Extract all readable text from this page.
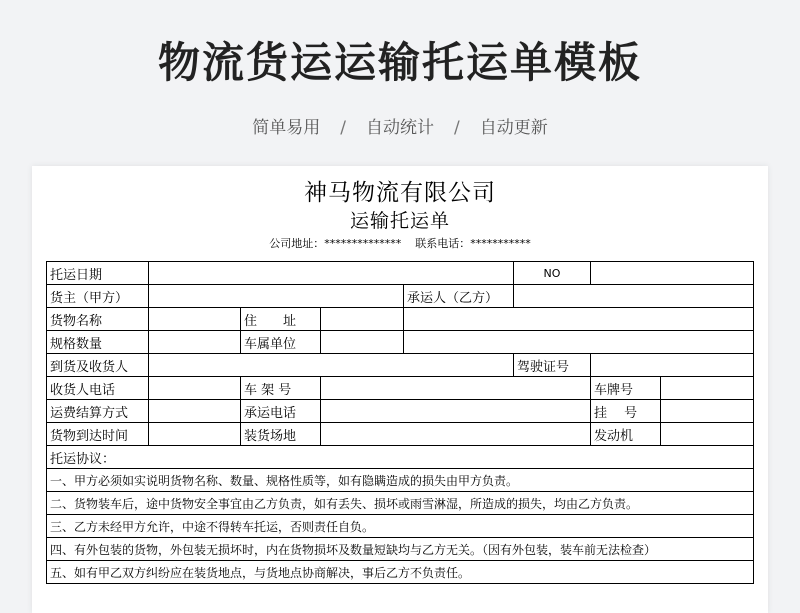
物流货运运输托运单模板
简单易用 / 自动统计 / 自动更新
神马物流有限公司
运输托运单
公司地址：************** 联系电话：***********
托运日期					NO		
货主（甲方）				承运人（乙方）			
货物名称		住　　址					
规格数量		车属单位					
到货及收货人					驾驶证号		
收货人电话		车 架 号				车牌号	
运费结算方式		承运电话				挂　 号	
货物到达时间		装货场地				发动机	
托运协议：							
一、甲方必须如实说明货物名称、数量、规格性质等，如有隐瞒造成的损失由甲方负责。							
二、货物装车后，途中货物安全事宜由乙方负责，如有丢失、损坏或雨雪淋湿，所造成的损失，均由乙方负责。							
三、乙方未经甲方允许，中途不得转车托运，否则责任自负。							
四、有外包装的货物，外包装无损坏时，内在货物损坏及数量短缺均与乙方无关。（因有外包装，装车前无法检查）							
五、如有甲乙双方纠纷应在装货地点，与货地点协商解决，事后乙方不负责任。							
